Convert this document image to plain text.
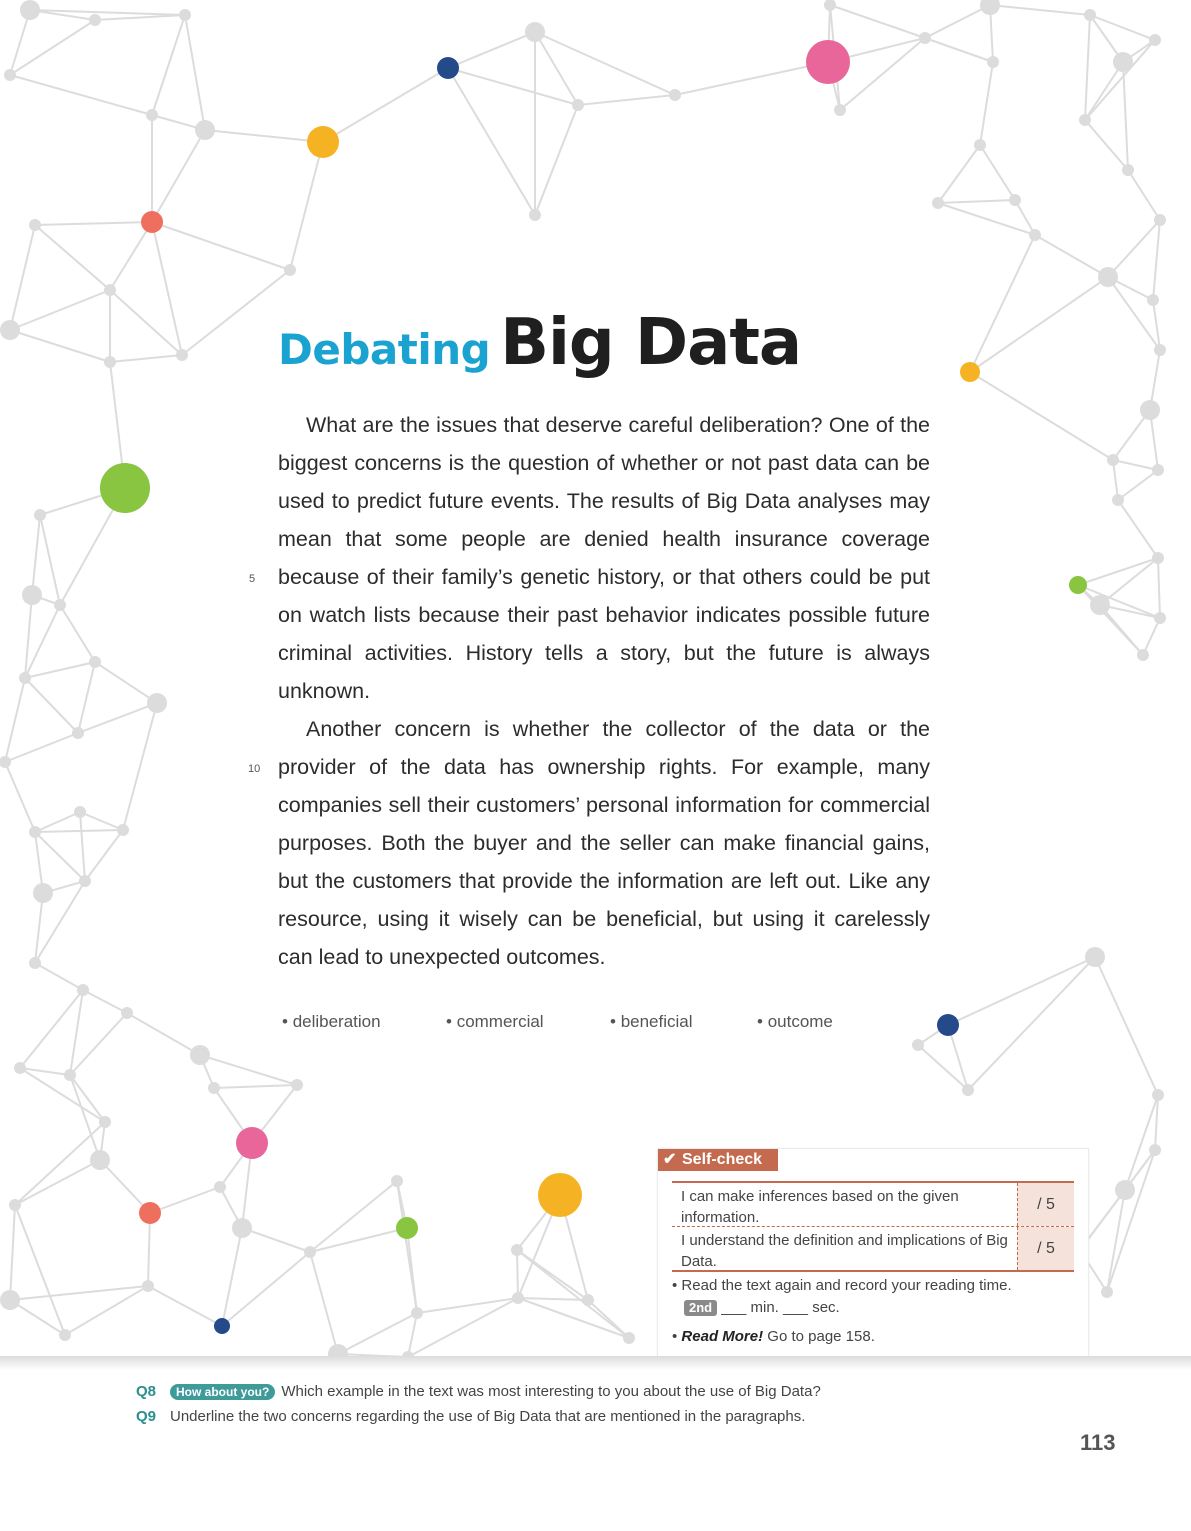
Debating Big Data
5
10

What are the issues that deserve careful deliberation? One of the biggest concerns is the question of whether or not past data can be used to predict future events. The results of Big Data analyses may mean that some people are denied health insurance coverage because of their family’s genetic history, or that others could be put on watch lists because their past behavior indicates possible future criminal activities. History tells a story, but the future is always unknown.

Another concern is whether the collector of the data or the provider of the data has ownership rights. For example, many companies sell their customers’ personal information for commercial purposes. Both the buyer and the seller can make financial gains, but the customers that provide the information are left out. Like any resource, using it wisely can be beneficial, but using it carelessly can lead to unexpected outcomes.

• deliberation	• commercial	• beneficial	• outcome
✔ Self-check
I can make inferences based on the given information.
/ 5
I understand the definition and implications of Big Data.
/ 5
• Read the text again and record your reading time.
2nd ___ min. ___ sec.
• Read More! Go to page 158.
Q8 How about you? Which example in the text was most interesting to you about the use of Big Data?
Q9 Underline the two concerns regarding the use of Big Data that are mentioned in the paragraphs.
113
